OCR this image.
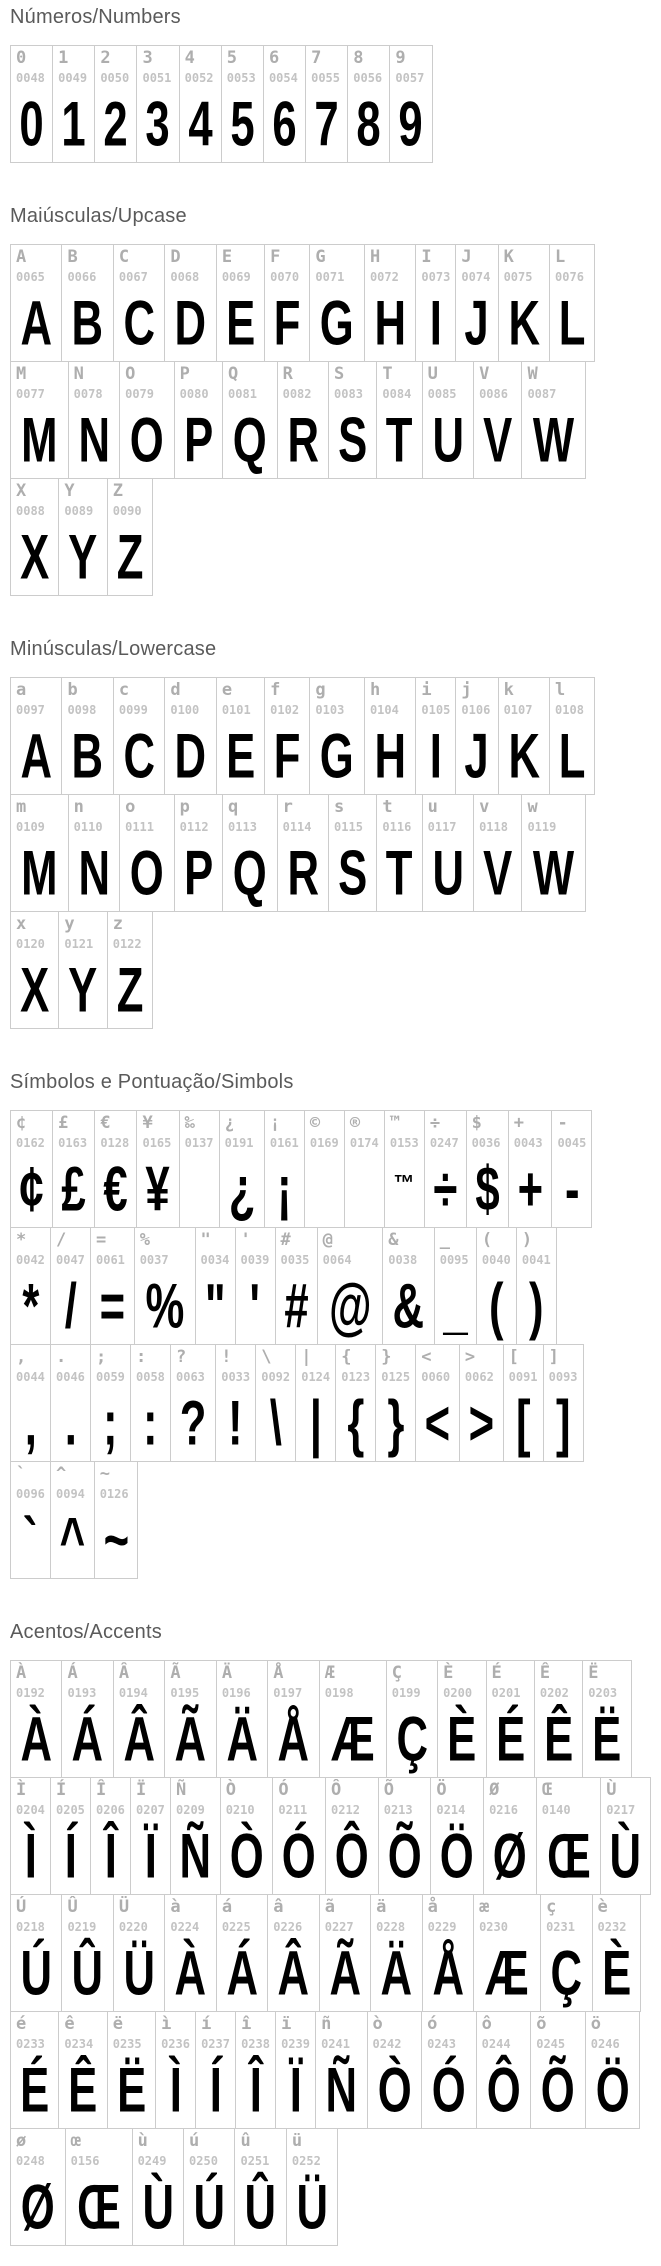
Números/Numbers
0
0048
0
1
0049
1
2
0050
2
3
0051
3
4
0052
4
5
0053
5
6
0054
6
7
0055
7
8
0056
8
9
0057
9
Maiúsculas/Upcase
A
0065
A
B
0066
B
C
0067
C
D
0068
D
E
0069
E
F
0070
F
G
0071
G
H
0072
H
I
0073
I
J
0074
J
K
0075
K
L
0076
L
M
0077
M
N
0078
N
O
0079
O
P
0080
P
Q
0081
Q
R
0082
R
S
0083
S
T
0084
T
U
0085
U
V
0086
V
W
0087
W
X
0088
X
Y
0089
Y
Z
0090
Z
Minúsculas/Lowercase
a
0097
A
b
0098
B
c
0099
C
d
0100
D
e
0101
E
f
0102
F
g
0103
G
h
0104
H
i
0105
I
j
0106
J
k
0107
K
l
0108
L
m
0109
M
n
0110
N
o
0111
O
p
0112
P
q
0113
Q
r
0114
R
s
0115
S
t
0116
T
u
0117
U
v
0118
V
w
0119
W
x
0120
X
y
0121
Y
z
0122
Z
Símbolos e Pontuação/Simbols
¢
0162
¢
£
0163
£
€
0128
€
¥
0165
¥
‰
0137
¿
0191
¿
¡
0161
¡
©
0169
®
0174
™
0153
™
÷
0247
÷
$
0036
$
+
0043
+
-
0045
-
*
0042
*
/
0047
/
=
0061
=
%
0037
%
"
0034
"
'
0039
'
#
0035
#
@
0064
@
&
0038
&
_
0095
_
(
0040
(
)
0041
)
,
0044
,
.
0046
.
;
0059
;
:
0058
:
?
0063
?
!
0033
!
\
0092
\
|
0124
|
{
0123
{
}
0125
}
<
0060
<
>
0062
>
[
0091
[
]
0093
]
`
0096
`
^
0094
^
~
0126
~
Acentos/Accents
À
0192
À
Á
0193
Á
Â
0194
Â
Ã
0195
Ã
Ä
0196
Ä
Å
0197
Å
Æ
0198
Æ
Ç
0199
Ç
È
0200
È
É
0201
É
Ê
0202
Ê
Ë
0203
Ë
Ì
0204
Ì
Í
0205
Í
Î
0206
Î
Ï
0207
Ï
Ñ
0209
Ñ
Ò
0210
Ò
Ó
0211
Ó
Ô
0212
Ô
Õ
0213
Õ
Ö
0214
Ö
Ø
0216
Ø
Œ
0140
Œ
Ù
0217
Ù
Ú
0218
Ú
Û
0219
Û
Ü
0220
Ü
à
0224
À
á
0225
Á
â
0226
Â
ã
0227
Ã
ä
0228
Ä
å
0229
Å
æ
0230
Æ
ç
0231
Ç
è
0232
È
é
0233
É
ê
0234
Ê
ë
0235
Ë
ì
0236
Ì
í
0237
Í
î
0238
Î
ï
0239
Ï
ñ
0241
Ñ
ò
0242
Ò
ó
0243
Ó
ô
0244
Ô
õ
0245
Õ
ö
0246
Ö
ø
0248
Ø
œ
0156
Œ
ù
0249
Ù
ú
0250
Ú
û
0251
Û
ü
0252
Ü
